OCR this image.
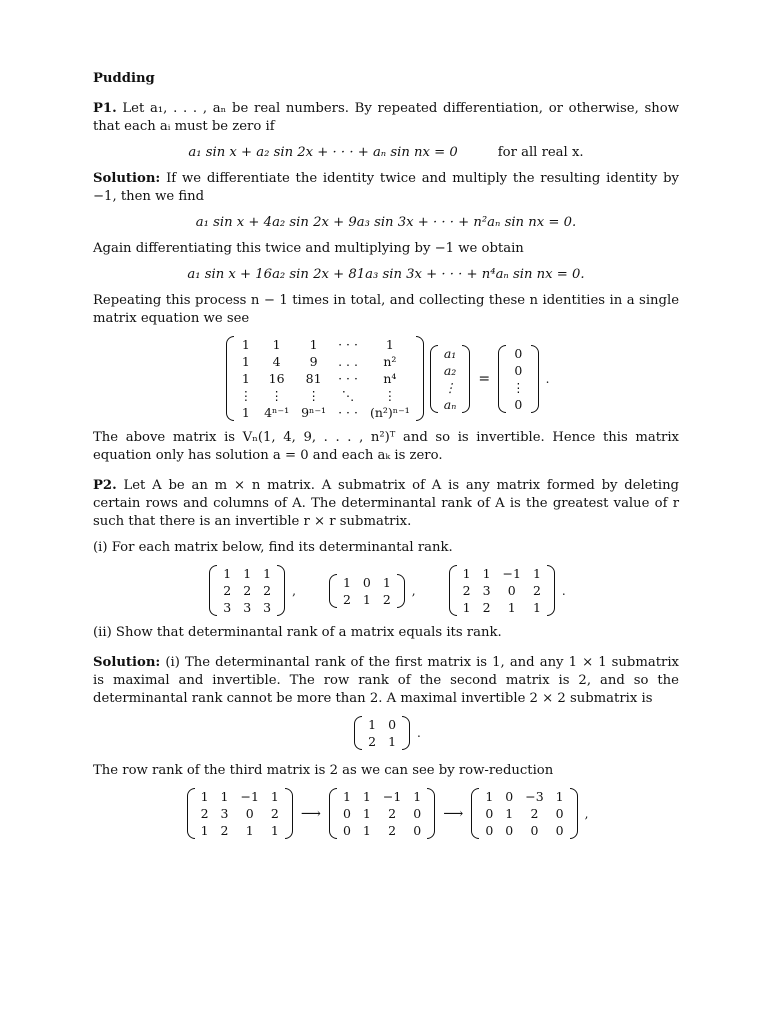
Pudding

P1. Let a₁, . . . , aₙ be real numbers. By repeated differentiation, or otherwise, show that each aᵢ must be zero if

a₁ sin x + a₂ sin 2x + · · · + aₙ sin nx = 0	for all real x.

Solution: If we differentiate the identity twice and multiply the resulting identity by −1, then we find

a₁ sin x + 4a₂ sin 2x + 9a₃ sin 3x + · · · + n²aₙ sin nx = 0.

Again differentiating this twice and multiplying by −1 we obtain

a₁ sin x + 16a₂ sin 2x + 81a₃ sin 3x + · · · + n⁴aₙ sin nx = 0.

Repeating this process n − 1 times in total, and collecting these n identities in a single matrix equation we see

1	1	1	· · ·	1
1	4	9	. . .	n²
1	16	81	· · ·	n⁴
⋮	⋮	⋮	⋱	⋮
1	4ⁿ⁻¹	9ⁿ⁻¹	· · ·	(n²)ⁿ⁻¹
a₁
a₂
⋮
aₙ
=
0
0
⋮
0
.

The above matrix is Vₙ(1, 4, 9, . . . , n²)ᵀ and so is invertible. Hence this matrix equation only has solution a = 0 and each aₖ is zero.

P2. Let A be an m × n matrix. A submatrix of A is any matrix formed by deleting certain rows and columns of A. The determinantal rank of A is the greatest value of r such that there is an invertible r × r submatrix.

(i) For each matrix below, find its determinantal rank.

1	1	1
2	2	2
3	3	3
,
1	0	1
2	1	2
,
1	1	−1	1
2	3	0	2
1	2	1	1
.

(ii) Show that determinantal rank of a matrix equals its rank.

Solution: (i) The determinantal rank of the first matrix is 1, and any 1 × 1 submatrix is maximal and invertible. The row rank of the second matrix is 2, and so the determinantal rank cannot be more than 2. A maximal invertible 2 × 2 submatrix is

1	0
2	1
.

The row rank of the third matrix is 2 as we can see by row-reduction

1	1	−1	1
2	3	0	2
1	2	1	1
⟶
1	1	−1	1
0	1	2	0
0	1	2	0
⟶
1	0	−3	1
0	1	2	0
0	0	0	0
,
